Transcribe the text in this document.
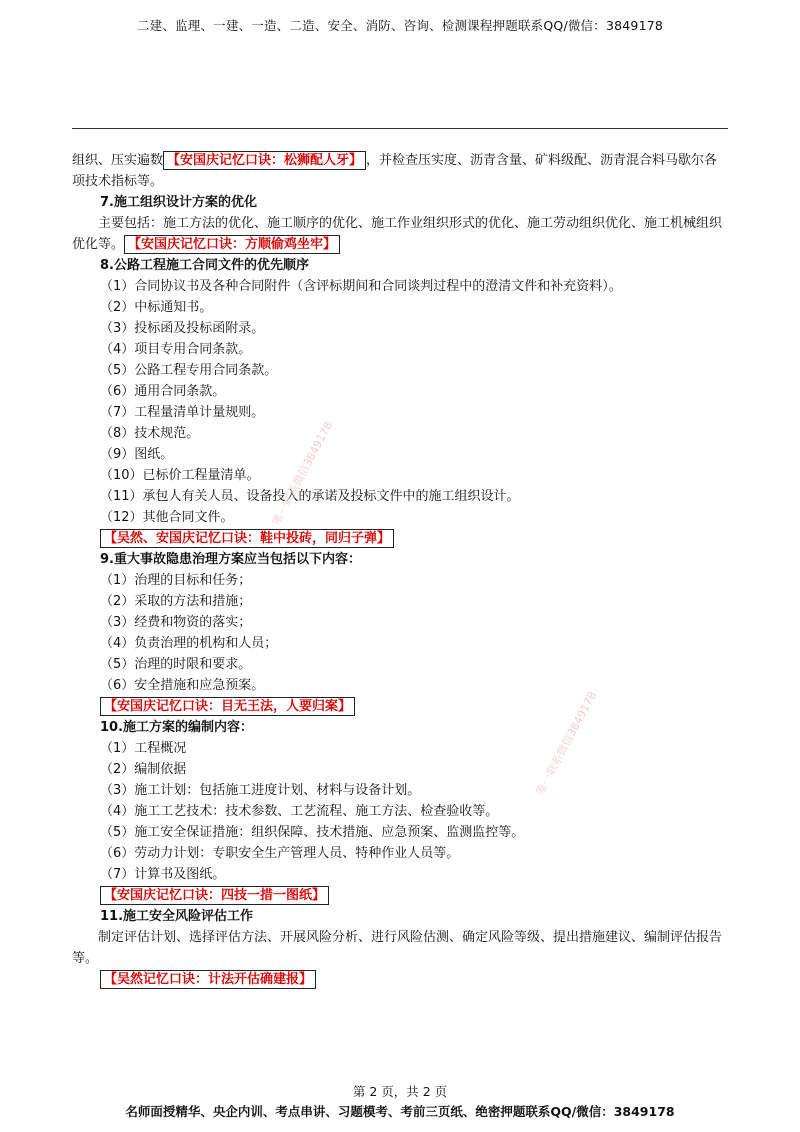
二建、监理、一建、一造、二造、安全、消防、咨询、检测课程押题联系QQ/微信：3849178

组织、压实遍数 【安国庆记忆口诀：松狮配人牙】 ，并检查压实度、沥青含量、矿料级配、沥青混合料马歇尔各项技术指标等。

7.施工组织设计方案的优化

主要包括：施工方法的优化、施工顺序的优化、施工作业组织形式的优化、施工劳动组织优化、施工机械组织优化等。 【安国庆记忆口诀：方顺偷鸡坐牢】

8.公路工程施工合同文件的优先顺序

（1）合同协议书及各种合同附件（含评标期间和合同谈判过程中的澄清文件和补充资料）。

（2）中标通知书。

（3）投标函及投标函附录。

（4）项目专用合同条款。

（5）公路工程专用合同条款。

（6）通用合同条款。

（7）工程量清单计量规则。

（8）技术规范。

（9）图纸。

（10）已标价工程量清单。

（11）承包人有关人员、设备投入的承诺及投标文件中的施工组织设计。

（12）其他合同文件。

【吴然、安国庆记忆口诀：鞋中投砖，同归子弹】

9.重大事故隐患治理方案应当包括以下内容：

（1）治理的目标和任务；

（2）采取的方法和措施；

（3）经费和物资的落实；

（4）负责治理的机构和人员；

（5）治理的时限和要求。

（6）安全措施和应急预案。

【安国庆记忆口诀：目无王法，人要归案】

10.施工方案的编制内容：

（1）工程概况

（2）编制依据

（3）施工计划：包括施工进度计划、材料与设备计划。

（4）施工工艺技术：技术参数、工艺流程、施工方法、检查验收等。

（5）施工安全保证措施：组织保障、技术措施、应急预案、监测监控等。

（6）劳动力计划：专职安全生产管理人员、特种作业人员等。

（7）计算书及图纸。

【安国庆记忆口诀：四技一措一图纸】

11.施工安全风险评估工作

制定评估计划、选择评估方法、开展风险分析、进行风险估测、确定风险等级、提出措施建议、编制评估报告等。

【吴然记忆口诀：计法开估确建报】

唯一联系微信3849178
唯一联系微信3849178
第 2 页，共 2 页
名师面授精华、央企内训、考点串讲、习题模考、考前三页纸、绝密押题联系QQ/微信：3849178
